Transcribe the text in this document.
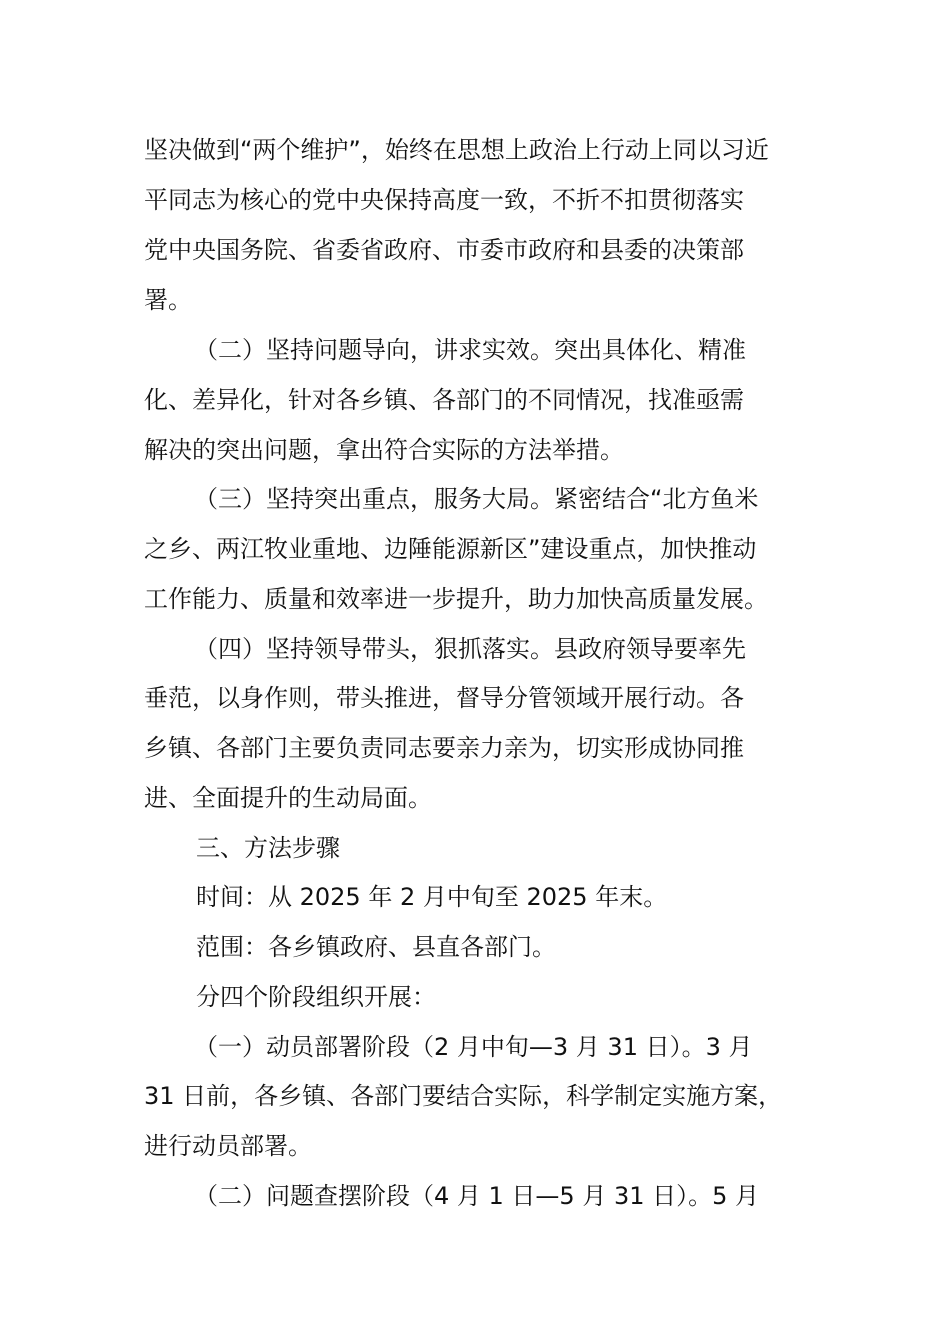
坚决做到“两个维护”，始终在思想上政治上行动上同以习近

平同志为核心的党中央保持高度一致，不折不扣贯彻落实

党中央国务院、省委省政府、市委市政府和县委的决策部

署。

（二）坚持问题导向，讲求实效。突出具体化、精准

化、差异化，针对各乡镇、各部门的不同情况，找准亟需

解决的突出问题，拿出符合实际的方法举措。

（三）坚持突出重点，服务大局。紧密结合“北方鱼米

之乡、两江牧业重地、边陲能源新区”建设重点，加快推动

工作能力、质量和效率进一步提升，助力加快高质量发展。

（四）坚持领导带头，狠抓落实。县政府领导要率先

垂范，以身作则，带头推进，督导分管领域开展行动。各

乡镇、各部门主要负责同志要亲力亲为，切实形成协同推

进、全面提升的生动局面。

三、方法步骤

时间：从 2025 年 2 月中旬至 2025 年末。

范围：各乡镇政府、县直各部门。

分四个阶段组织开展：

（一）动员部署阶段（2 月中旬—3 月 31 日）。3 月

31 日前，各乡镇、各部门要结合实际，科学制定实施方案，

进行动员部署。

（二）问题查摆阶段（4 月 1 日—5 月 31 日）。5 月
